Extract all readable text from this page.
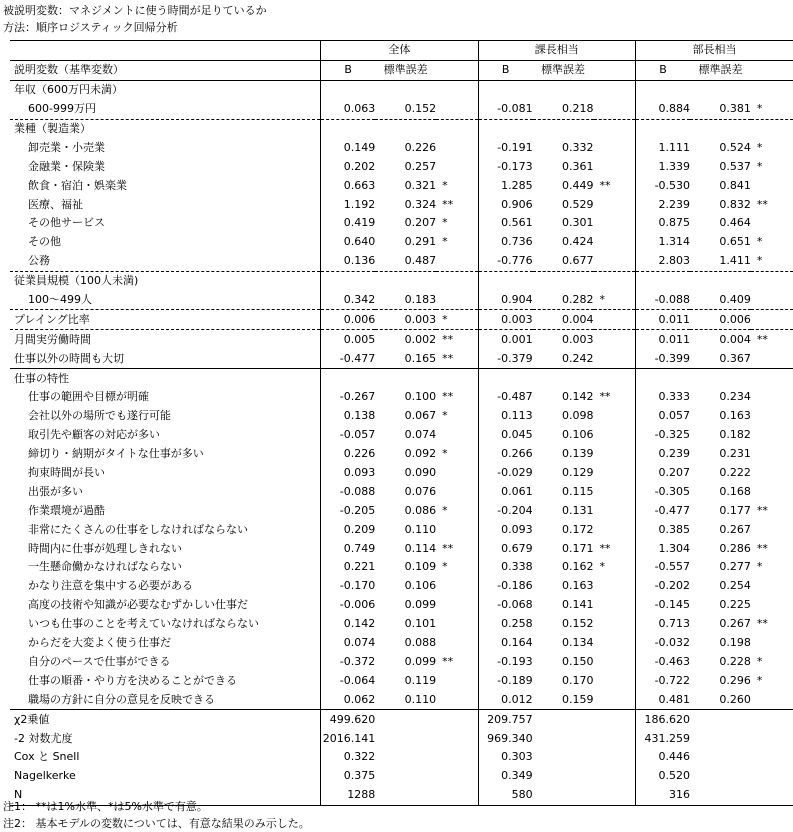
被説明変数：マネジメントに使う時間が足りているか
方法：順序ロジスティック回帰分析
	全体			課長相当			部長相当		
説明変数（基準変数）	B	標準誤差		B	標準誤差		B	標準誤差	
年収（600万円未満）									
600-999万円	0.063	0.152		-0.081	0.218		0.884	0.381	*
業種（製造業）									
卸売業・小売業	0.149	0.226		-0.191	0.332		1.111	0.524	*
金融業・保険業	0.202	0.257		-0.173	0.361		1.339	0.537	*
飲食・宿泊・娯楽業	0.663	0.321	*	1.285	0.449	**	-0.530	0.841	
医療、福祉	1.192	0.324	**	0.906	0.529		2.239	0.832	**
その他サービス	0.419	0.207	*	0.561	0.301		0.875	0.464	
その他	0.640	0.291	*	0.736	0.424		1.314	0.651	*
公務	0.136	0.487		-0.776	0.677		2.803	1.411	*
従業員規模（100人未満)									
100～499人	0.342	0.183		0.904	0.282	*	-0.088	0.409	
プレイング比率	0.006	0.003	*	0.003	0.004		0.011	0.006	
月間実労働時間	0.005	0.002	**	0.001	0.003		0.011	0.004	**
仕事以外の時間も大切	-0.477	0.165	**	-0.379	0.242		-0.399	0.367	
仕事の特性									
仕事の範囲や目標が明確	-0.267	0.100	**	-0.487	0.142	**	0.333	0.234	
会社以外の場所でも遂行可能	0.138	0.067	*	0.113	0.098		0.057	0.163	
取引先や顧客の対応が多い	-0.057	0.074		0.045	0.106		-0.325	0.182	
締切り・納期がタイトな仕事が多い	0.226	0.092	*	0.266	0.139		0.239	0.231	
拘束時間が長い	0.093	0.090		-0.029	0.129		0.207	0.222	
出張が多い	-0.088	0.076		0.061	0.115		-0.305	0.168	
作業環境が過酷	-0.205	0.086	*	-0.204	0.131		-0.477	0.177	**
非常にたくさんの仕事をしなければならない	0.209	0.110		0.093	0.172		0.385	0.267	
時間内に仕事が処理しきれない	0.749	0.114	**	0.679	0.171	**	1.304	0.286	**
一生懸命働かなければならない	0.221	0.109	*	0.338	0.162	*	-0.557	0.277	*
かなり注意を集中する必要がある	-0.170	0.106		-0.186	0.163		-0.202	0.254	
高度の技術や知識が必要なむずかしい仕事だ	-0.006	0.099		-0.068	0.141		-0.145	0.225	
いつも仕事のことを考えていなければならない	0.142	0.101		0.258	0.152		0.713	0.267	**
からだを大変よく使う仕事だ	0.074	0.088		0.164	0.134		-0.032	0.198	
自分のペースで仕事ができる	-0.372	0.099	**	-0.193	0.150		-0.463	0.228	*
仕事の順番・やり方を決めることができる	-0.064	0.119		-0.189	0.170		-0.722	0.296	*
職場の方針に自分の意見を反映できる	0.062	0.110		0.012	0.159		0.481	0.260	
χ2乗値	499.620			209.757			186.620		
-2 対数尤度	2016.141			969.340			431.259		
Cox と Snell	0.322			0.303			0.446		
Nagelkerke	0.375			0.349			0.520		
N	1288			580			316		
注1： **は1%水準、*は5%水準で有意。
注2： 基本モデルの変数については、有意な結果のみ示した。
